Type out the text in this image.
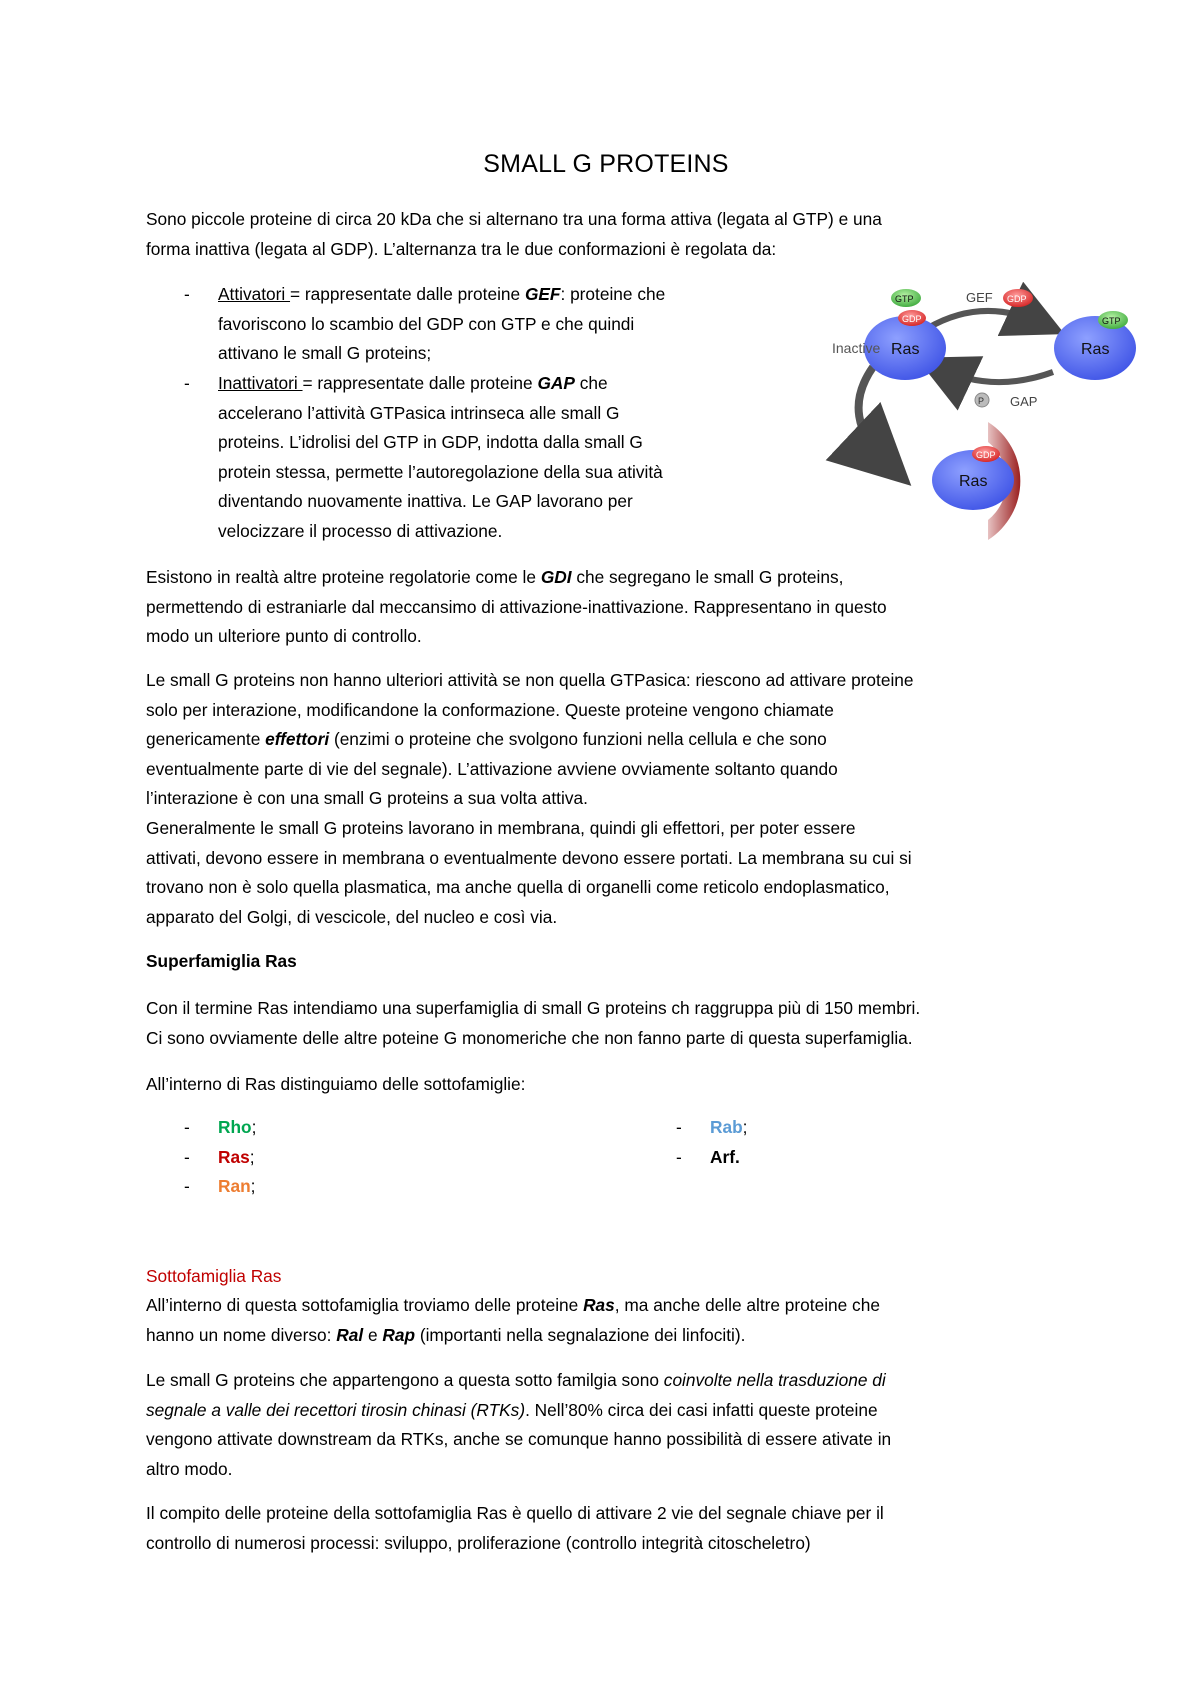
SMALL G PROTEINS
Sono piccole proteine di circa 20 kDa che si alternano tra una forma attiva (legata al GTP) e una
forma inattiva (legata al GDP). L’alternanza tra le due conformazioni è regolata da:
- Attivatori = rappresentate dalle proteine GEF: proteine che
favoriscono lo scambio del GDP con GTP e che quindi
attivano le small G proteins;
- Inattivatori = rappresentate dalle proteine GAP che
accelerano l’attività GTPasica intrinseca alle small G
proteins. L’idrolisi del GTP in GDP, indotta dalla small G
protein stessa, permette l’autoregolazione della sua atività
diventando nuovamente inattiva. Le GAP lavorano per
velocizzare il processo di attivazione.
GDI
Ras
Inactive
GDP
GTP	GEF GDP
Ras
GTP
P GAP
Ras
GDP
Esistono in realtà altre proteine regolatorie come le GDI che segregano le small G proteins,
permettendo di estraniarle dal meccansimo di attivazione-inattivazione. Rappresentano in questo
modo un ulteriore punto di controllo.
Le small G proteins non hanno ulteriori attività se non quella GTPasica: riescono ad attivare proteine
solo per interazione, modificandone la conformazione. Queste proteine vengono chiamate
genericamente effettori (enzimi o proteine che svolgono funzioni nella cellula e che sono
eventualmente parte di vie del segnale). L’attivazione avviene ovviamente soltanto quando
l’interazione è con una small G proteins a sua volta attiva.
Generalmente le small G proteins lavorano in membrana, quindi gli effettori, per poter essere
attivati, devono essere in membrana o eventualmente devono essere portati. La membrana su cui si
trovano non è solo quella plasmatica, ma anche quella di organelli come reticolo endoplasmatico,
apparato del Golgi, di vescicole, del nucleo e così via.
Superfamiglia Ras
Con il termine Ras intendiamo una superfamiglia di small G proteins ch raggruppa più di 150 membri.
Ci sono ovviamente delle altre poteine G monomeriche che non fanno parte di questa superfamiglia.
All’interno di Ras distinguiamo delle sottofamiglie:
- Rho;
- Ras;
- Ran;
- Rab;
- Arf.
Sottofamiglia Ras
All’interno di questa sottofamiglia troviamo delle proteine Ras, ma anche delle altre proteine che
hanno un nome diverso: Ral e Rap (importanti nella segnalazione dei linfociti).
Le small G proteins che appartengono a questa sotto familgia sono coinvolte nella trasduzione di
segnale a valle dei recettori tirosin chinasi (RTKs). Nell’80% circa dei casi infatti queste proteine
vengono attivate downstream da RTKs, anche se comunque hanno possibilità di essere ativate in
altro modo.
Il compito delle proteine della sottofamiglia Ras è quello di attivare 2 vie del segnale chiave per il
controllo di numerosi processi: sviluppo, proliferazione (controllo integrità citoscheletro)
